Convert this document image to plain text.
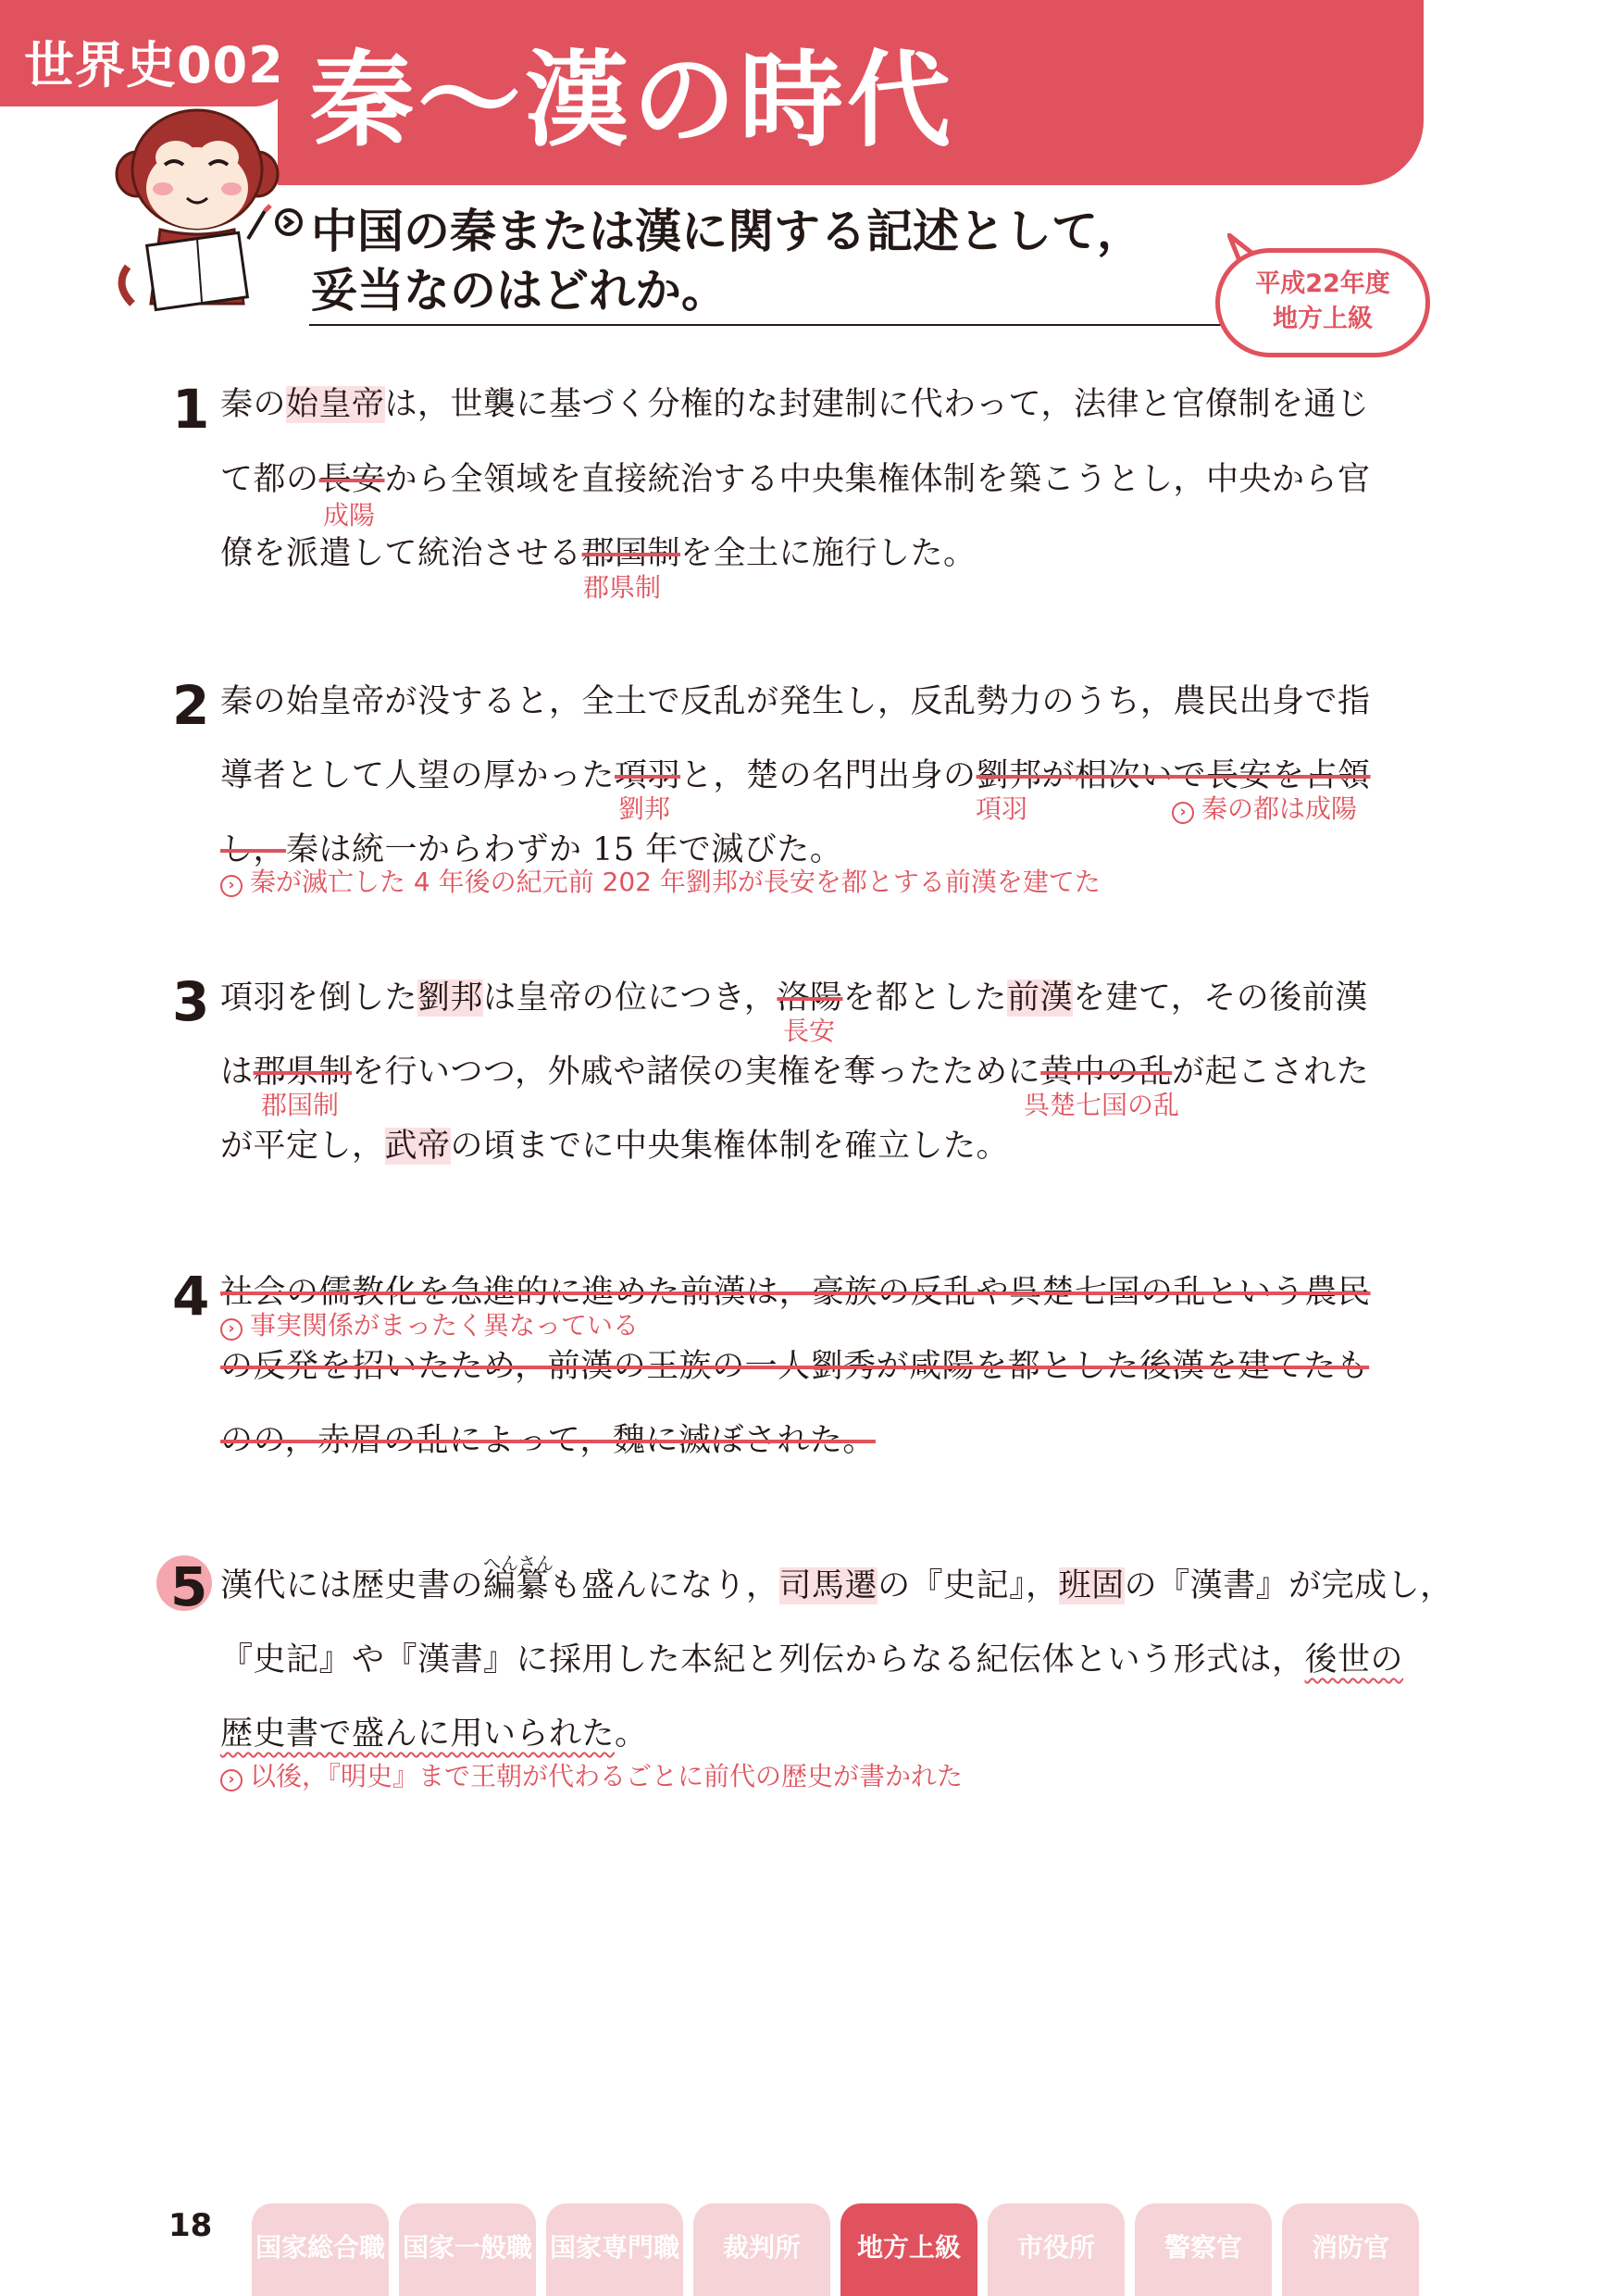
世界史002 秦～漢の時代
中国の秦または漢に関する記述として，
妥当なのはどれか。	平成22年度
地方上級
1 秦の始皇帝は，世襲に基づく分権的な封建制に代わって，法律と官僚制を通じ
て都の長安から全領域を直接統治する中央集権体制を築こうとし，中央から官
成陽
僚を派遣して統治させる郡国制を全土に施行した。
郡県制
2 秦の始皇帝が没すると，全土で反乱が発生し，反乱勢力のうち，農民出身で指
導者として人望の厚かった項羽と，楚の名門出身の劉邦が相次いで長安を占領
劉邦	項羽	› 秦の都は成陽
し，秦は統一からわずか 15 年で滅びた。
› 秦が滅亡した 4 年後の紀元前 202 年劉邦が長安を都とする前漢を建てた
3 項羽を倒した劉邦は皇帝の位につき，洛陽を都とした前漢を建て，その後前漢
長安
は郡県制を行いつつ，外戚や諸侯の実権を奪ったために黄巾の乱が起こされた
郡国制	呉楚七国の乱
が平定し，武帝の頃までに中央集権体制を確立した。
4 社会の儒教化を急進的に進めた前漢は，豪族の反乱や呉楚七国の乱という農民
› 事実関係がまったく異なっている
の反発を招いたため，前漢の王族の一人劉秀が咸陽を都とした後漢を建てたも
のの，赤眉の乱によって，魏に滅ぼされた。
5 漢代には歴史書の
へんさん
編纂も盛んになり，司馬遷の『史記』，班固の『漢書』が完成し，
『史記』や『漢書』に採用した本紀と列伝からなる紀伝体という形式は，後世の
歴史書で盛んに用いられた。
› 以後，『明史』まで王朝が代わるごとに前代の歴史が書かれた
18
国家総合職 国家一般職 国家専門職	裁判所	地方上級	市役所	警察官	消防官
